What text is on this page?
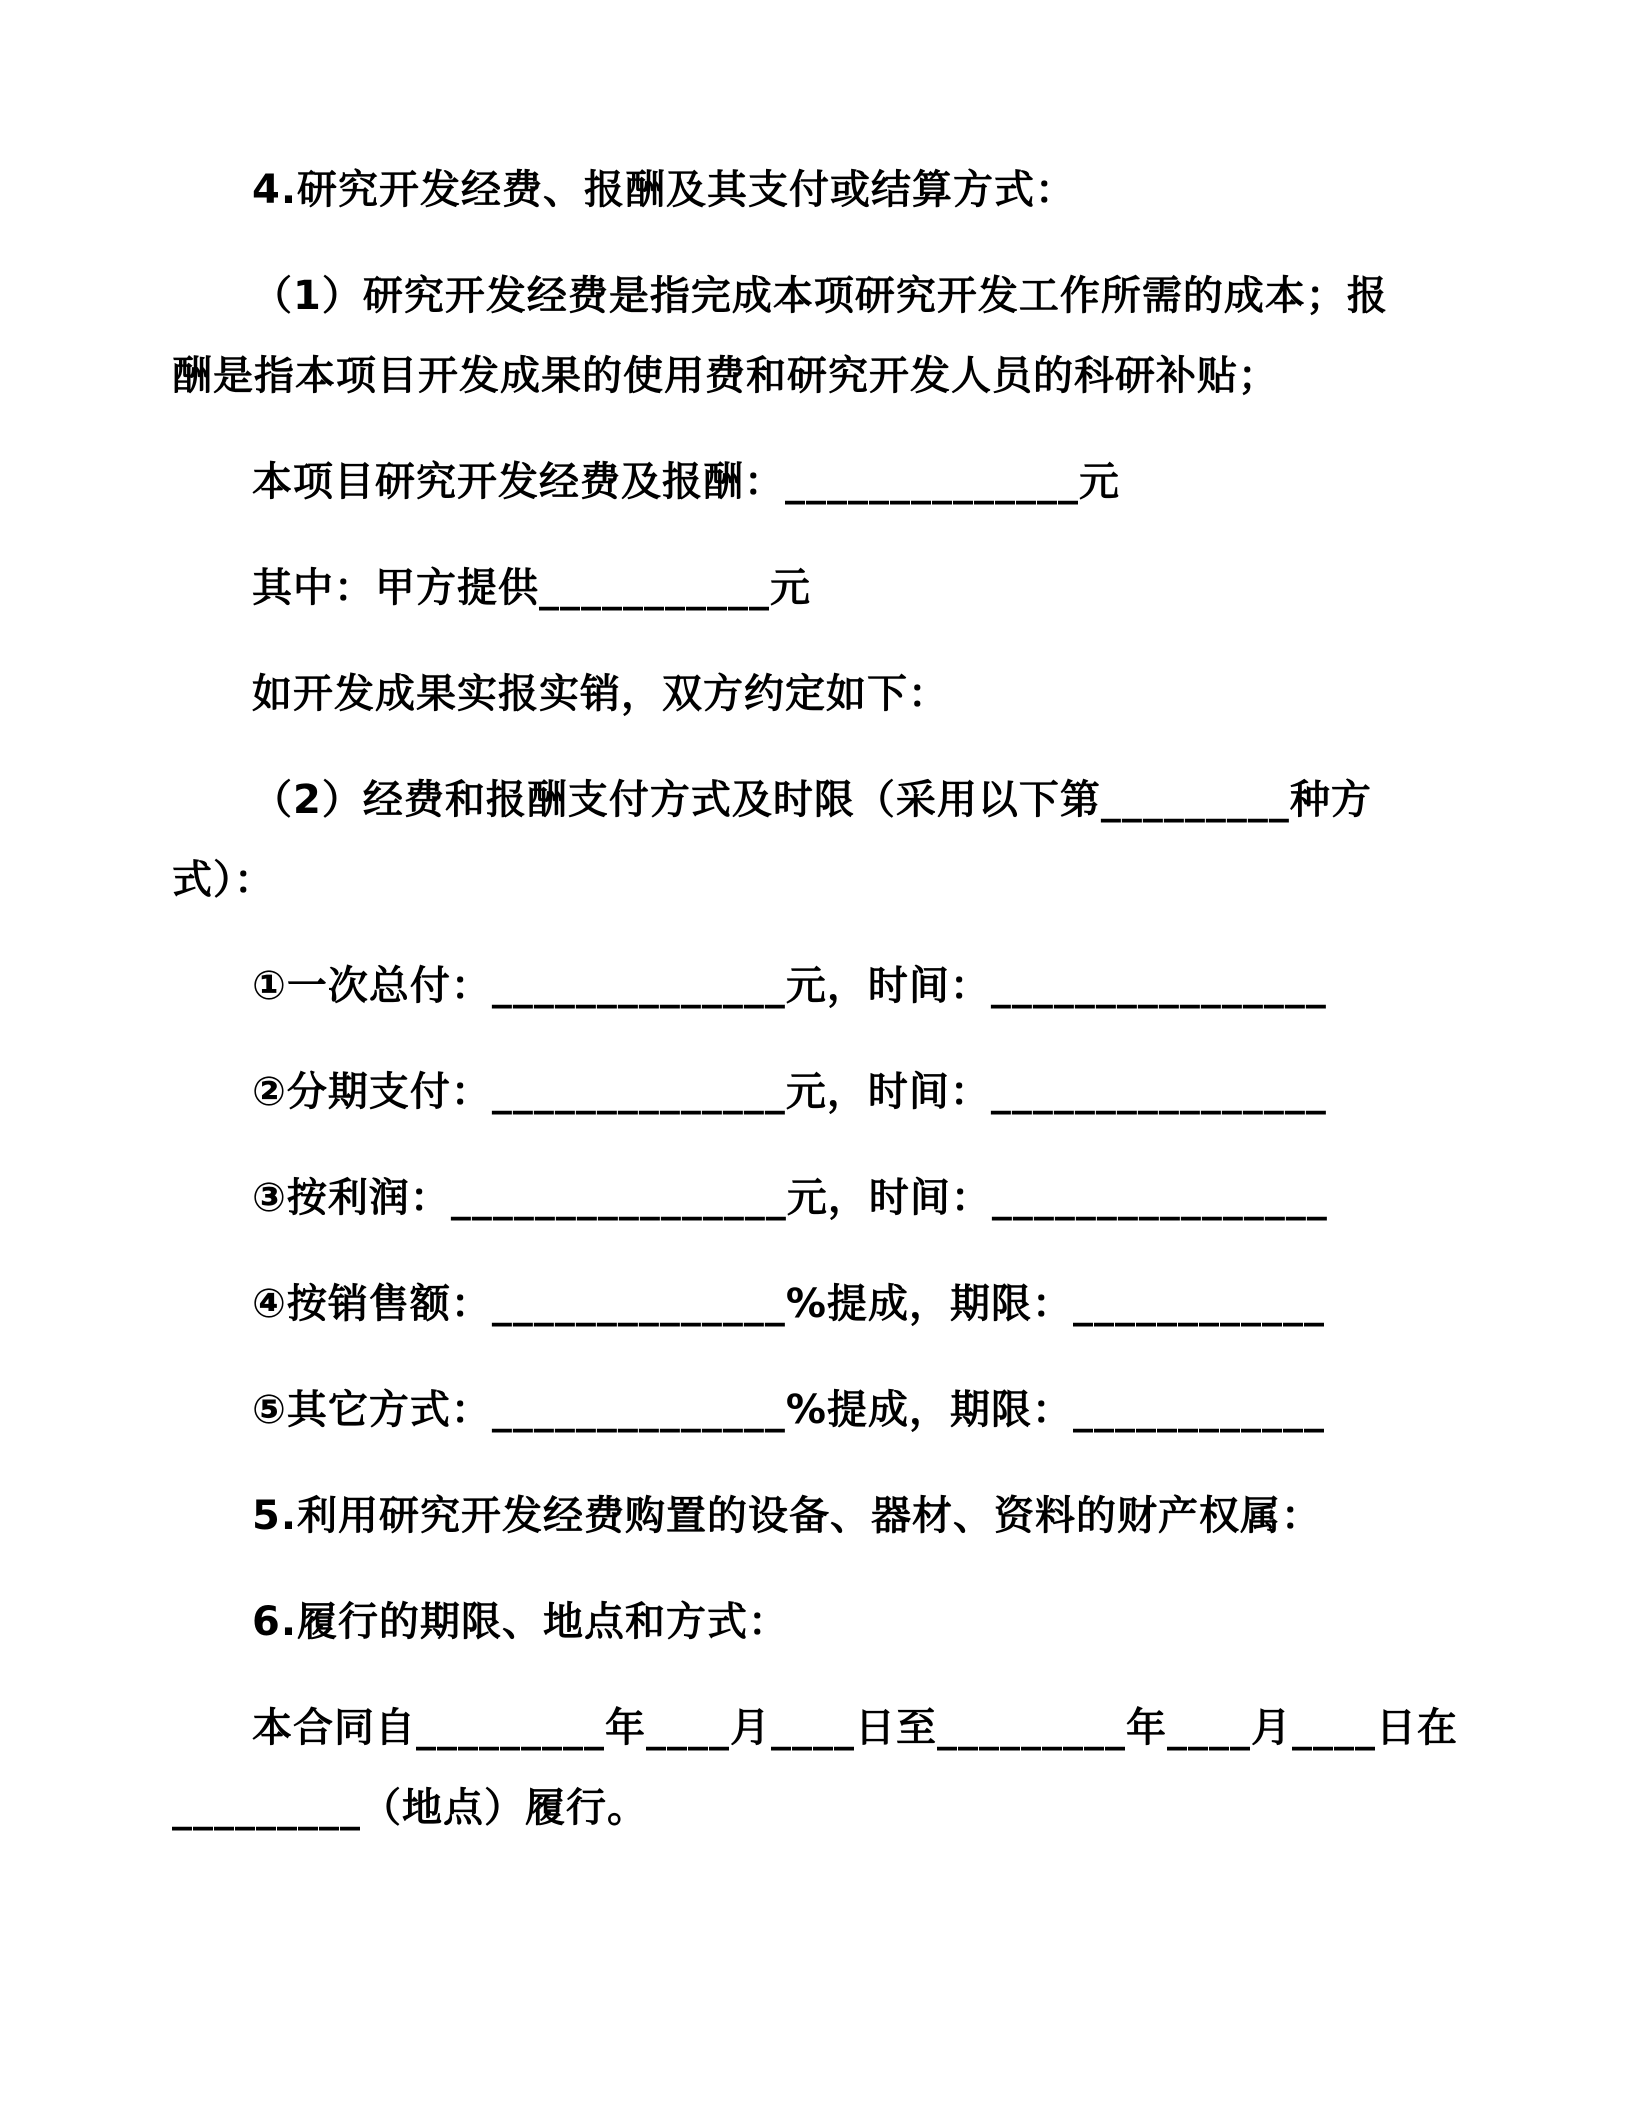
4.研究开发经费、报酬及其支付或结算方式：
（1）研究开发经费是指完成本项研究开发工作所需的成本；报
酬是指本项目开发成果的使用费和研究开发人员的科研补贴；
本项目研究开发经费及报酬：______________元
其中：甲方提供___________元
如开发成果实报实销，双方约定如下：
（2）经费和报酬支付方式及时限（采用以下第_________种方
式）：
①一次总付：______________元，时间：________________
②分期支付：______________元，时间：________________
③按利润：________________元，时间：________________
④按销售额：______________%提成，期限：____________
⑤其它方式：______________%提成，期限：____________
5.利用研究开发经费购置的设备、器材、资料的财产权属：
6.履行的期限、地点和方式：
本合同自_________年____月____日至_________年____月____日在
_________（地点）履行。
